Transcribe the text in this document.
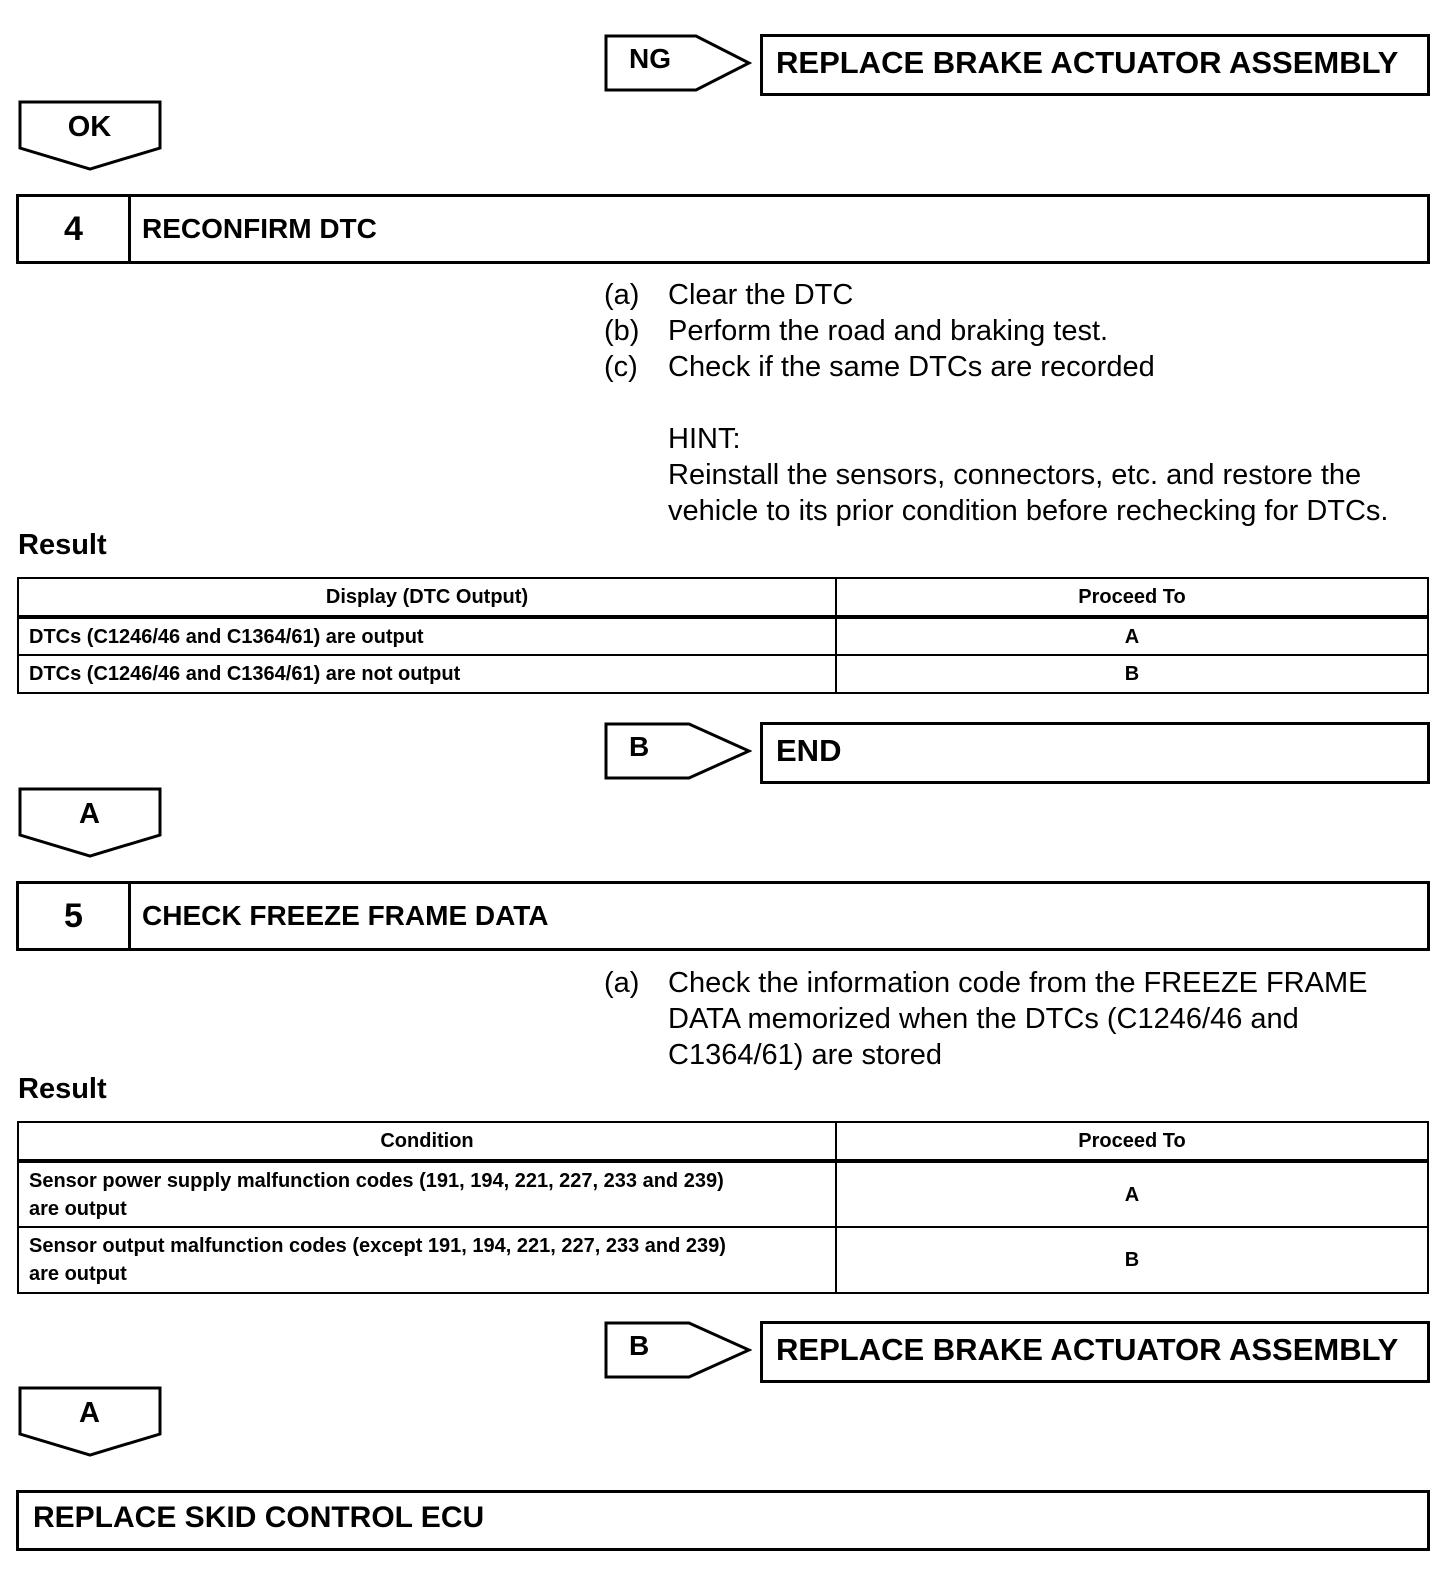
NG	REPLACE BRAKE ACTUATOR ASSEMBLY
OK
4	RECONFIRM DTC
(a) Clear the DTC
(b) Perform the road and braking test.
(c)	Check if the same DTCs are recorded
HINT:
Reinstall the sensors, connectors, etc. and restore the
vehicle to its prior condition before rechecking for DTCs.
Result
Display (DTC Output)	Proceed To
DTCs (C1246/46 and C1364/61) are output	A
DTCs (C1246/46 and C1364/61) are not output	B
B	END
A
5	CHECK FREEZE FRAME DATA
(a) Check the information code from the FREEZE FRAME
DATA memorized when the DTCs (C1246/46 and
C1364/61) are stored
Result
Condition	Proceed To

Sensor power supply malfunction codes (191, 194, 221, 227, 233 and 239)
are output	A

Sensor output malfunction codes (except 191, 194, 221, 227, 233 and 239)
are output	B
B	REPLACE BRAKE ACTUATOR ASSEMBLY
A
REPLACE SKID CONTROL ECU
